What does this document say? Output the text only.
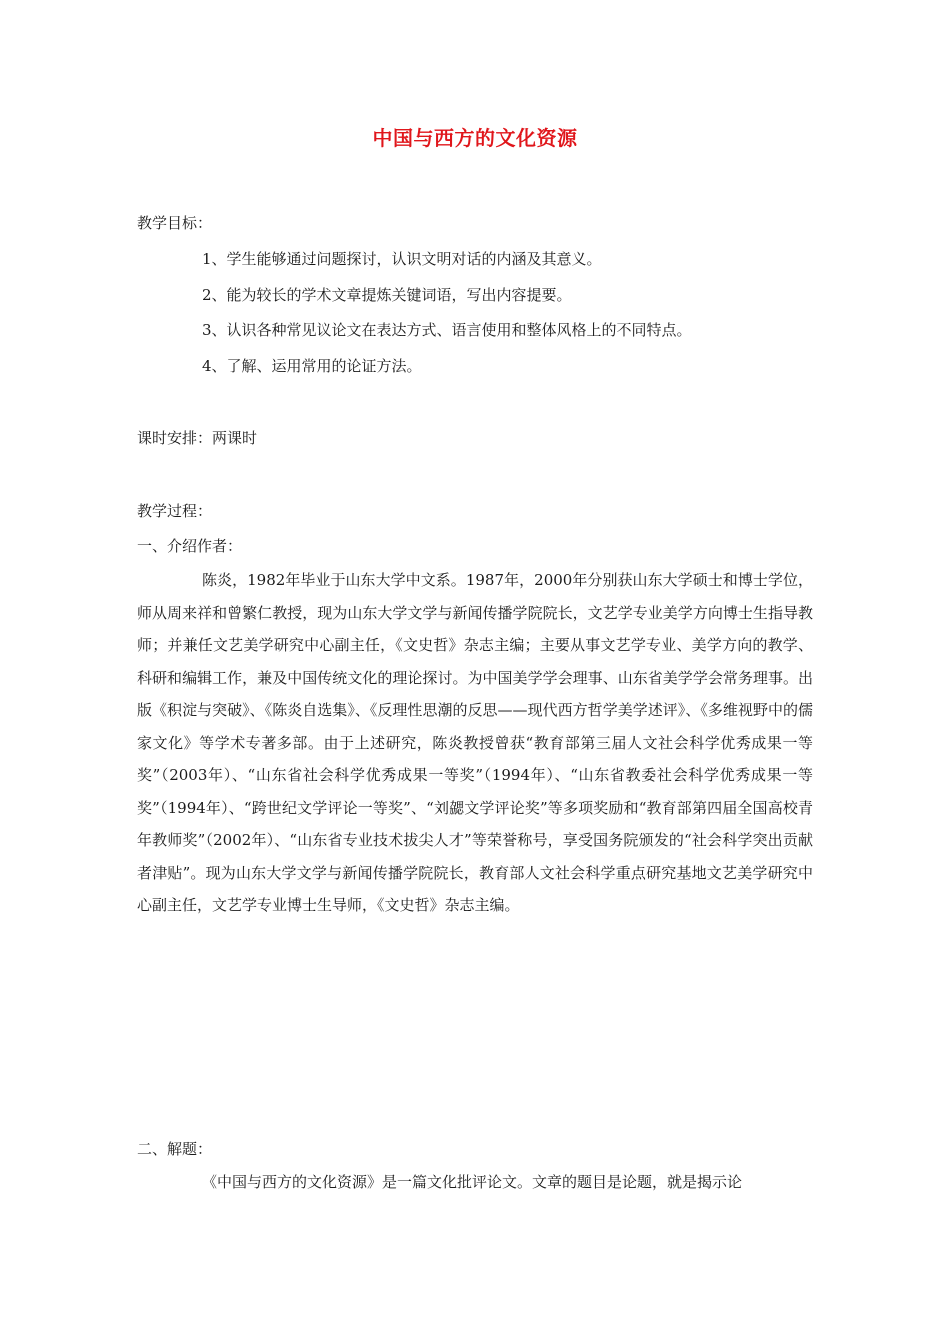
中国与西方的文化资源
教学目标：
1、学生能够通过问题探讨，认识文明对话的内涵及其意义。
2、能为较长的学术文章提炼关键词语，写出内容提要。
3、认识各种常见议论文在表达方式、语言使用和整体风格上的不同特点。
4、了解、运用常用的论证方法。
课时安排：两课时
教学过程：
一、介绍作者：
陈炎，1982年毕业于山东大学中文系。1987年，2000年分别获山东大学硕士和博士学位，师从周来祥和曾繁仁教授，现为山东大学文学与新闻传播学院院长，文艺学专业美学方向博士生指导教师；并兼任文艺美学研究中心副主任，《文史哲》杂志主编；主要从事文艺学专业、美学方向的教学、科研和编辑工作，兼及中国传统文化的理论探讨。为中国美学学会理事、山东省美学学会常务理事。出版《积淀与突破》、《陈炎自选集》、《反理性思潮的反思——现代西方哲学美学述评》、《多维视野中的儒家文化》等学术专著多部。由于上述研究，陈炎教授曾获“教育部第三届人文社会科学优秀成果一等奖”（2003年）、“山东省社会科学优秀成果一等奖”（1994年）、“山东省教委社会科学优秀成果一等奖”（1994年）、“跨世纪文学评论一等奖”、“刘勰文学评论奖”等多项奖励和“教育部第四届全国高校青年教师奖”（2002年）、“山东省专业技术拔尖人才”等荣誉称号，享受国务院颁发的“社会科学突出贡献者津贴”。现为山东大学文学与新闻传播学院院长，教育部人文社会科学重点研究基地文艺美学研究中心副主任，文艺学专业博士生导师，《文史哲》杂志主编。
二、解题：
《中国与西方的文化资源》是一篇文化批评论文。文章的题目是论题，就是揭示论
